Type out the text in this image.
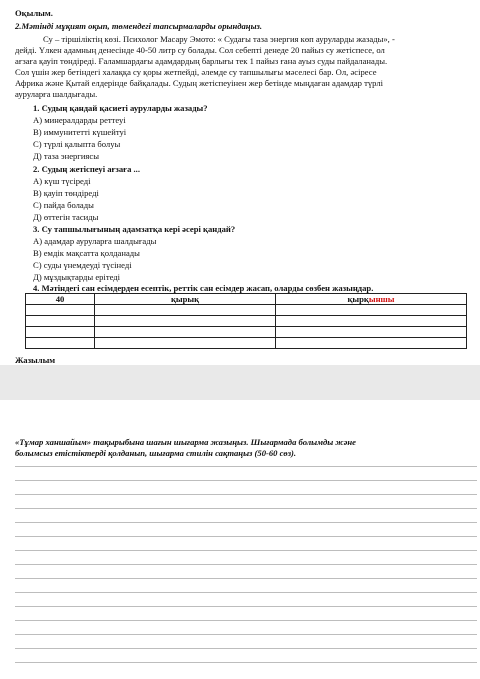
Оқылым.
2.Мәтінді мұқият оқып, төмендегі тапсырмаларды орындаңыз.
Су – тіршіліктің көзі. Психолог Масару Эмото: « Судағы таза энергия көп ауруларды жазады», -
дейді. Үлкен адамның денесінде 40-50 литр су болады. Сол себепті денеде 20 пайыз су жетіспесе, ол
ағзаға қауіп төндіреді. Ғаламшардағы адамдардың барлығы тек 1 пайыз ғана ауыз суды пайдаланады.
Сол үшін жер бетіндегі халаққа су қоры жетпейді, әлемде су тапшылығы мәселесі бар. Ол, әсіресе
Африка және Қытай елдерінде байқалады. Судың жетіспеуінен жер бетінде мыңдаған адамдар түрлі
ауруларға шалдығады.
1. Судың қандай қасиеті ауруларды жазады?
А) минералдарды реттеуі
В) иммунитетті күшейтуі
С) түрлі қалыпта болуы
Д) таза энергиясы
2. Судың жетіспеуі ағзаға ...
А) күш түсіреді
В) қауіп төндіреді
С) пайда болады
Д) өттегін тасиды
3. Су тапшылығының адамзатқа кері әсері қандай?
А) адамдар ауруларға шалдығады
В) емдік мақсатта қолданады
С) суды үнемдеуді түсінеді
Д) мұздықтарды ерітеді
4. Мәтіндегі сан есімдерден есептік, реттік сан есімдер жасап, оларды сөзбен жазыңдар.
40	қырық	қырқыншы

Жазылым
«Тұмар ханшайым» тақырыбына шағын шығарма жазыңыз. Шығармада болымды және
болымсыз етістіктерді қолданып, шығарма стилін сақтаңыз (50-60 сөз).
